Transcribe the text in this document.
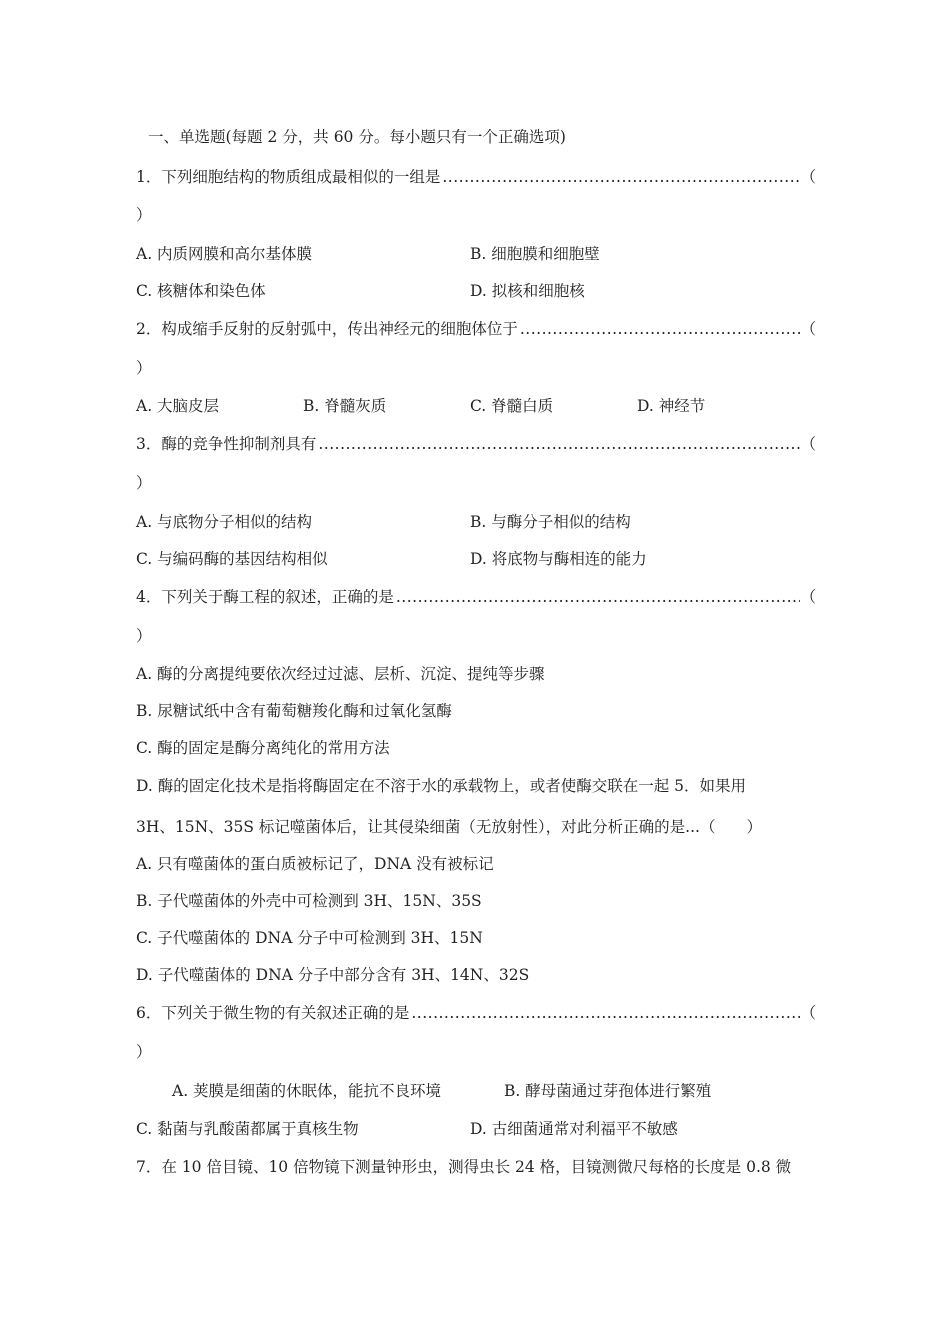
一、单选题(每题 2 分，共 60 分。每小题只有一个正确选项)
1．下列细胞结构的物质组成最相似的一组是 .....	（
）
A. 内质网膜和高尔基体膜	B. 细胞膜和细胞壁
C. 核糖体和染色体	D. 拟核和细胞核
2．构成缩手反射的反射弧中，传出神经元的细胞体位于 .....	（
）
A. 大脑皮层	B. 脊髓灰质	C. 脊髓白质	D. 神经节
3．酶的竞争性抑制剂具有 .....	（
）
A. 与底物分子相似的结构	B. 与酶分子相似的结构
C. 与编码酶的基因结构相似	D. 将底物与酶相连的能力
4．下列关于酶工程的叙述，正确的是 .....	（
）
A. 酶的分离提纯要依次经过过滤、层析、沉淀、提纯等步骤
B. 尿糖试纸中含有葡萄糖羧化酶和过氧化氢酶
C. 酶的固定是酶分离纯化的常用方法
D. 酶的固定化技术是指将酶固定在不溶于水的承载物上，或者使酶交联在一起 5．如果用
3H、15N、35S 标记噬菌体后，让其侵染细菌（无放射性），对此分析正确的是...（　　）
A. 只有噬菌体的蛋白质被标记了，DNA 没有被标记
B. 子代噬菌体的外壳中可检测到 3H、15N、35S
C. 子代噬菌体的 DNA 分子中可检测到 3H、15N
D. 子代噬菌体的 DNA 分子中部分含有 3H、14N、32S
6．下列关于微生物的有关叙述正确的是 .....	（
）
A. 荚膜是细菌的休眠体，能抗不良环境	B. 酵母菌通过芽孢体进行繁殖
C. 黏菌与乳酸菌都属于真核生物	D. 古细菌通常对利福平不敏感
7．在 10 倍目镜、10 倍物镜下测量钟形虫，测得虫长 24 格，目镜测微尺每格的长度是 0.8 微
